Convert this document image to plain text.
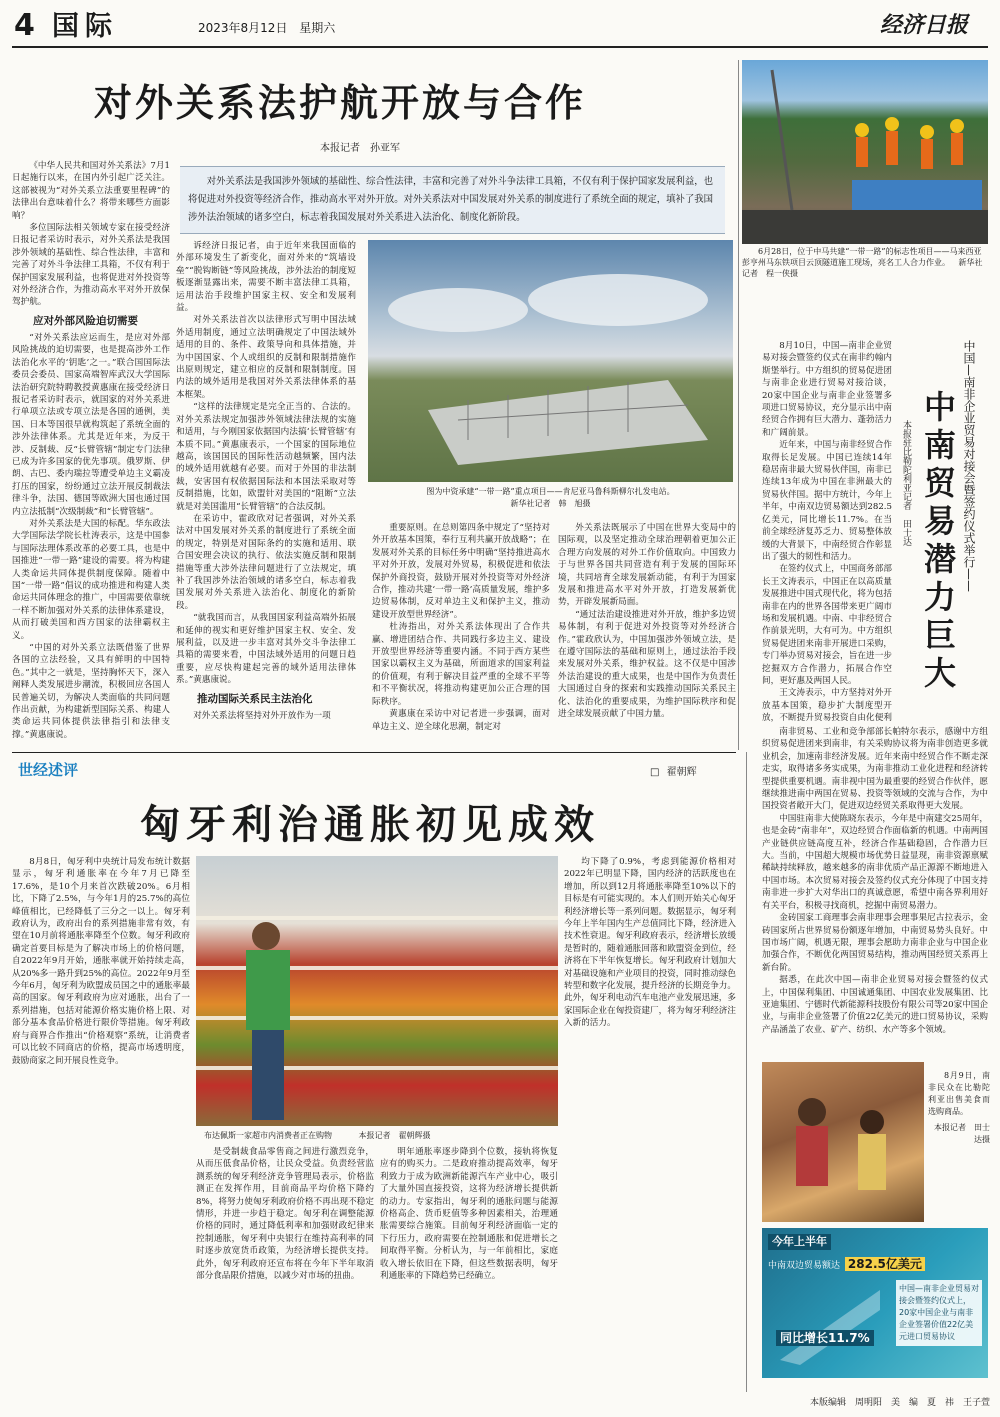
4 国际	2023年8月12日 星期六	经济日报
对外关系法护航开放与合作
本报记者　孙亚军
对外关系法是我国涉外领域的基础性、综合性法律，丰富和完善了对外斗争法律工具箱，不仅有利于保护国家发展利益，也将促进对外投资等经济合作，推动高水平对外开放。对外关系法对中国发展对外关系的制度进行了系统全面的规定，填补了我国涉外法治领域的诸多空白，标志着我国发展对外关系进入法治化、制度化新阶段。
6月28日，位于中马共建“一带一路”的标志性项目——马来西亚彭亨州马东铁项目云顶隧道施工现场，亮名工人合力作业。 新华社记者　程一侠摄

《中华人民共和国对外关系法》7月1日起施行以来，在国内外引起广泛关注。这部被视为“对外关系立法重要里程碑”的法律出台意味着什么？将带来哪些方面影响？

多位国际法相关领域专家在接受经济日报记者采访时表示，对外关系法是我国涉外领域的基础性、综合性法律，丰富和完善了对外斗争法律工具箱，不仅有利于保护国家发展利益，也将促进对外投资等对外经济合作，为推动高水平对外开放保驾护航。

应对外部风险迫切需要

“对外关系法应运而生，是应对外部风险挑战的迫切需要，也是提高涉外工作法治化水平的‘钥匙’之一。”联合国国际法委员会委员、国家高端智库武汉大学国际法治研究院特聘教授黄惠康在接受经济日报记者采访时表示，就国家的对外关系进行单项立法或专项立法是各国的通例，美国、日本等国很早就构筑起了系统全面的涉外法律体系。尤其是近年来，为反干涉、反制裁、反“长臂管辖”制定专门法律已成为许多国家的优先事项。俄罗斯、伊朗、古巴、委内瑞拉等遭受单边主义霸凌打压的国家，纷纷通过立法开展反制裁法律斗争，法国、德国等欧洲大国也通过国内立法抵制“次级制裁”和“长臂管辖”。

对外关系法是大国的标配。华东政法大学国际法学院长杜涛表示，这是中国参与国际法理体系改革的必要工具，也是中国推进“一带一路”建设的需要。将为构建人类命运共同体提供制度保障。随着中国“一带一路”倡议的成功推进和构建人类命运共同体理念的推广，中国需要依靠统一样不断加强对外关系的法律体系建设，从而打破美国和西方国家的法律霸权主义。

“中国的对外关系立法既借鉴了世界各国的立法经验，又具有鲜明的中国特色。”其中之一就是，坚持胸怀天下，深入阐释人类发展进步潮流，积极回应各国人民普遍关切，为解决人类面临的共同问题作出贡献，为构建新型国际关系、构建人类命运共同体提供法律指引和法律支撑。”黄惠康说。

诉经济日报记者，由于近年来我国面临的外部环境发生了新变化，面对外来的“筑墙设垒”“脱钩断链”等风险挑战，涉外法治的制度短板逐渐显露出来，需要不断丰富法律工具箱，运用法治手段维护国家主权、安全和发展利益。

对外关系法首次以法律形式写明中国法域外适用制度，通过立法明确规定了中国法域外适用的目的、条件、政策导向和具体措施，并为中国国家、个人或组织的反制和限制措施作出原则规定，建立相应的反制和限制制度。国内法的域外适用是我国对外关系法律体系的基本框架。

“这样的法律规定是完全正当的、合法的。对外关系法规定加强涉外领域法律法规的实施和适用，与今刚国家依据国内法搞‘长臂管辖’有本质不同。”黄惠康表示，一个国家的国际地位越高，该国国民的国际性活动越频繁，国内法的域外适用就越有必要。而对于外国的非法制裁，安害国有权依据国际法和本国法采取对等反制措施，比如，欧盟针对美国的“阻断”立法就是对美国滥用“长臂管辖”的合法反制。

在采访中，霍政欣对记者强调，对外关系法对中国发展对外关系的制度进行了系统全面的规定，特别是对国际条约的实施和适用、联合国安理会决议的执行、依法实施反制和限制措施等重大涉外法律问题进行了立法规定，填补了我国涉外法治领域的诸多空白，标志着我国发展对外关系进入法治化、制度化的新阶段。

“就我国而言，从我国国家利益高端外拓展和延伸的视实和更好维护国家主权、安全、发展利益，以及进一步丰富对其外交斗争法律工具箱的需要来看，中国法域外适用的问题日趋重要，应尽快构建起完善的域外适用法律体系。”黄惠康说。

推动国际关系民主法治化

对外关系法将坚持对外开放作为一项

图为中资承建“一带一路”重点项目——肯尼亚马鲁科斯柳尔扎发电站。
新华社记者　韩　旭摄

重要原则。在总则第四条中规定了“坚持对外开放基本国策，奉行互利共赢开放战略”；在发展对外关系的目标任务中明确“坚持推进高水平对外开放，发展对外贸易，积极促进和依法保护外商投资，鼓励开展对外投资等对外经济合作，推动共建‘一带一路’高质量发展，维护多边贸易体制，反对单边主义和保护主义，推动建设开放型世界经济”。

杜涛指出，对外关系法体现出了合作共赢、增进团结合作、共同践行多边主义、建设开放型世界经济等重要内涵。不同于西方某些国家以霸权主义为基础，所面道求的国家利益的价值观，有利于解决目益严重的全球不平等和不平衡状况，将推动构建更加公正合理的国际秩序。

黄惠康在采访中对记者进一步强调，面对单边主义、逆全球化思潮，制定对

外关系法既展示了中国在世界大变局中的国际观，以及坚定推动全球治理朝着更加公正合理方向发展的对外工作价值取向。中国致力于与世界各国共同营造有利于发展的国际环境，共同培育全球发展新动能，有利于为国家发展和推进高水平对外开放，打造发展新优势，开辟发展新局面。

“通过法治建设推进对外开放，维护多边贸易体制，有利于促进对外投资等对外经济合作。”霍政欣认为，中国加强涉外领域立法，是在遵守国际法的基础和原则上，通过法治手段来发展对外关系，维护权益。这不仅是中国涉外法治建设的重大成果，也是中国作为负责任大国通过自身的探索和实践推动国际关系民主化、法治化的重要成果，为维护国际秩序和促进全球发展贡献了中国力量。

中国—南非企业贸易对接会暨签约仪式举行——
中南贸易潜力巨大
本报驻比勒陀利亚记者　田士达

8月10日，中国—南非企业贸易对接会暨签约仪式在南非约翰内斯堡举行。中方组织的贸易促进团与南非企业进行贸易对接洽谈，20家中国企业与南非企业签署多项进口贸易协议，充分显示出中南经贸合作拥有巨大潜力、蓬勃活力和广阔前景。

近年来，中国与南非经贸合作取得长足发展。中国已连续14年稳居南非最大贸易伙伴国，南非已连续13年成为中国在非洲最大的贸易伙伴国。据中方统计，今年上半年，中南双边贸易额达到282.5亿美元，同比增长11.7%。在当前全球经济复苏乏力、贸易整体放缓的大背景下，中南经贸合作彰显出了强大的韧性和活力。

在签约仪式上，中国商务部部长王文涛表示，中国正在以高质量发展推进中国式现代化，将为包括南非在内的世界各国带来更广阔市场和发展机遇。中南、中非经贸合作前景光明，大有可为。中方组织贸易促进团来南非开展进口采购，专门举办贸易对接会，旨在进一步挖掘双方合作潜力，拓展合作空间，更好惠及两国人民。

王文涛表示，中方坚持对外开放基本国策，稳步扩大制度型开放，不断提升贸易投资自由化便利

南非贸易、工业和竞争部部长帕特尔表示，感谢中方组织贸易促进团来到南非，有关采购协议将为南非创造更多就业机会，加速南非经济发展。近年来南中经贸合作不断走深走实，取得诸多务实成果，为南非推动工业化进程和经济转型提供重要机遇。南非视中国为最重要的经贸合作伙伴，愿继续推进南中两国在贸易、投资等领域的交流与合作，为中国投资者敞开大门，促进双边经贸关系取得更大发展。

中国驻南非大使陈晓东表示，今年是中南建交25周年，也是金砖“南非年”，双边经贸合作面临新的机遇。中南两国产业链供应链高度互补，经济合作基础稳固，合作潜力巨大。当前，中国超大规模市场优势日益显现，南非资源禀赋稀缺持续释放，越来越多的南非优质产品正源源不断地进入中国市场。本次贸易对接会及签约仪式充分体现了中国支持南非进一步扩大对华出口的真诚意愿，希望中南各界利用好有关平台，积极寻找商机，挖掘中南贸易潜力。

金砖国家工商理事会南非理事会理事果尼古拉表示，金砖国家所占世界贸易份额逐年增加，中南贸易势头良好。中国市场广阔，机遇无限，理事会愿助力南非企业与中国企业加强合作，不断优化两国贸易结构，推动两国经贸关系再上新台阶。

据悉，在此次中国—南非企业贸易对接会暨签约仪式上，中国保利集团、中国诚通集团、中国农业发展集团、比亚迪集团、宁德时代新能源科技股份有限公司等20家中国企业，与南非企业签署了价值22亿美元的进口贸易协议，采购产品涵盖了农业、矿产、纺织、水产等多个领域。

8月9日，南非民众在比勒陀利亚出售美食而选购商品。
本报记者　田士达摄
今年上半年
中南双边贸易额达 282.5亿美元
同比增长11.7%
中国—南非企业贸易对接会暨签约仪式上，20家中国企业与南非企业签署价值22亿美元进口贸易协议
世经述评	□ 翟朝辉
匈牙利治通胀初见成效

8月8日，匈牙利中央统计局发布统计数据显示，匈牙利通胀率在今年7月已降至17.6%，是10个月来首次跌破20%。6月相比，下降了2.5%，与今年1月的25.7%的高位峰值相比，已经降低了三分之一以上。匈牙利政府认为，政府出台的系列措施非常有效，有望在10月前将通胀率降至个位数。匈牙利政府确定首要目标是为了解决市场上的价格问题，自2022年9月开始，通胀率就开始持续走高，从20%多一路升到25%的高位。2022年9月至今年6月，匈牙利为欧盟成员国之中的通胀率最高的国家。匈牙利政府为应对通胀，出台了一系列措施，包括对能源价格实施价格上限、对部分基本食品价格进行限价等措施。匈牙利政府与商界合作推出“价格观察”系统，让消费者可以比较不同商店的价格，提高市场透明度，鼓励商家之间开展良性竞争。

布达佩斯一家超市内消费者正在购物	本报记者　翟朝辉摄

是受制裁食品零售商之间进行激烈竞争，从而压低食品价格，让民众受益。负责经营监测系统的匈牙利经济竞争管理局表示，价格监测正在发挥作用，目前商品平均价格下降约8%，将努力使匈牙利政府价格不再出现不稳定情形，并进一步趋于稳定。匈牙利在调整能源价格的同时，通过降低利率和加强财政纪律来控制通胀，匈牙利中央银行在维持高利率的同时逐步放宽货币政策，为经济增长提供支持。此外，匈牙利政府还宣布将在今年下半年取消部分食品限价措施，以减少对市场的扭曲。

明年通胀率逐步降到个位数，接轨将恢复应有的购买力。二是政府推动提高效率，匈牙利致力于成为欧洲新能源汽车产业中心，吸引了大量外国直接投资，这将为经济增长提供新的动力。专家指出，匈牙利的通胀问题与能源价格高企、货币贬值等多种因素相关，治理通胀需要综合施策。目前匈牙利经济面临一定的下行压力，政府需要在控制通胀和促进增长之间取得平衡。分析认为，与一年前相比，家庭收入增长依旧在下降，但这些数据表明，匈牙利通胀率的下降趋势已经确立。

均下降了0.9%，考虑到能源价格相对2022年已明显下降，国内经济的活跃度也在增加，所以到12月将通胀率降至10%以下的目标是有可能实现的。本人们则开始关心匈牙利经济增长等一系列问题。数据显示，匈牙利今年上半年国内生产总值同比下降，经济进入技术性衰退。匈牙利政府表示，经济增长放缓是暂时的，随着通胀回落和欧盟资金到位，经济将在下半年恢复增长。匈牙利政府计划加大对基础设施和产业项目的投资，同时推动绿色转型和数字化发展，提升经济的长期竞争力。此外，匈牙利电动汽车电池产业发展迅速，多家国际企业在匈投资建厂，将为匈牙利经济注入新的活力。

本版编辑　周明阳　美　编　夏　祎　王子萱
